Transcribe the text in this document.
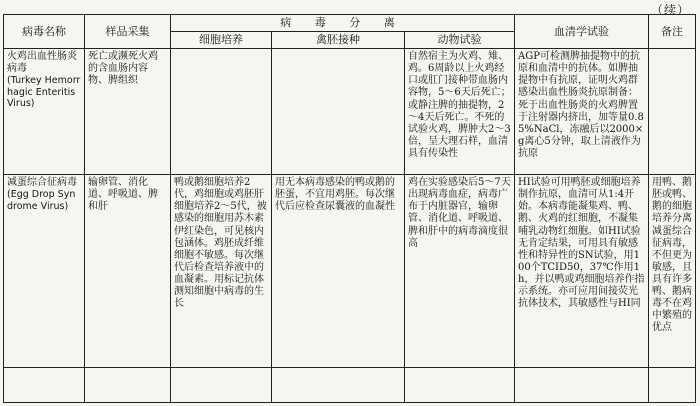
（续）
病毒名称	样品采集	病 毒 分 离			血清学试验	备注
		细胞培养	禽胚接种	动物试验		

火鸡出血性肠炎病毒
(Turkey Hemorrhagic Enteritis Virus)	死亡或濒死火鸡的含血肠内容物、脾组织			自然宿主为火鸡、雉、鸡。6周龄以上火鸡经口或肛门接种带血肠内容物，5～6天后死亡；或静注脾的抽提物，2～4天后死亡。不死的试验火鸡，脾肿大2～3倍，呈大理石样，血清具有传染性	AGP可检测脾抽提物中的抗原和血清中的抗体。如脾抽提物中有抗原，证明火鸡群感染出血性肠炎抗原制备：死于出血性肠炎的火鸡脾置于注射器内挤出，加等量0.85%NaCl，冻融后以2000×g离心5分钟，取上清液作为抗原	

减蛋综合征病毒
(Egg Drop Syndrome Virus)	输卵管、消化道、呼吸道、脾和肝	鸭或鹅细胞培养2代，鸡细胞或鸡胚肝细胞培养2～5代，被感染的细胞用苏木素伊红染色，可见核内包涵体。鸡胚成纤维细胞不敏感。每次继代后检查培养液中的血凝素。用标记抗体测知细胞中病毒的生长	用无本病毒感染的鸭或鹅的胚蛋，不宜用鸡胚。每次继代后应检查尿囊液的血凝性	鸡在实验感染后5～7天出现病毒血症，病毒广布于内脏器官，输卵管、消化道、呼吸道、脾和肝中的病毒滴度很高	HI试验可用鸭胚或细胞培养制作抗原，血清可从1:4开始。本病毒能凝集鸡、鸭、鹅、火鸡的红细胞，不凝集哺乳动物红细胞。如HI试验无肯定结果，可用具有敏感性和特异性的SN试验，用100个TCID50，37℃作用1h，并以鸭或鸡细胞培养作指示系统。亦可应用间接荧光抗体技术，其敏感性与HI同	用鸭、鹅胚或鸭、鹅的细胞培养分离减蛋综合征病毒，不但更为敏感，且具有许多鸭、鹅病毒不在鸡中繁殖的优点
